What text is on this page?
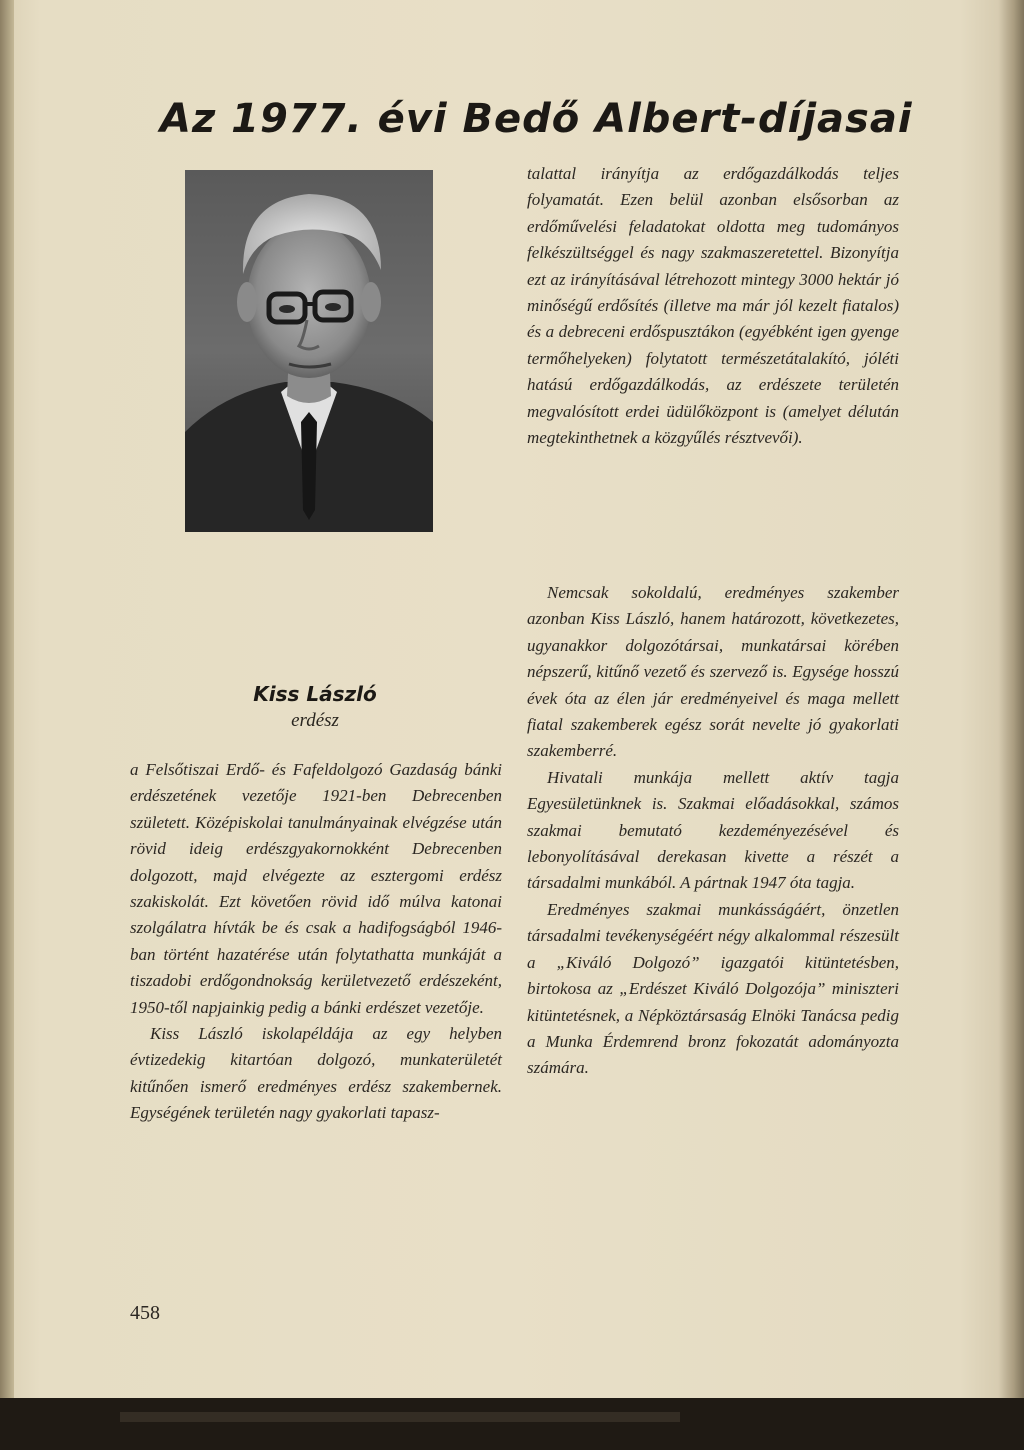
Az 1977. évi Bedő Albert-díjasai
Kiss László
erdész

a Felsőtiszai Erdő- és Fafeldolgozó Gazdaság bánki erdészetének vezetője 1921-ben Debrecenben született. Középiskolai tanulmányainak elvégzése után rövid ideig erdészgyakornokként Debrecenben dolgozott, majd elvégezte az esztergomi erdész szakiskolát. Ezt követően rövid idő múlva katonai szolgálatra hívták be és csak a hadifogságból 1946-ban történt hazatérése után folytathatta munkáját a tiszadobi erdőgondnokság kerületvezető erdészeként, 1950-től napjainkig pedig a bánki erdészet vezetője.

Kiss László iskolapéldája az egy helyben évtizedekig kitartóan dolgozó, munkaterületét kitűnően ismerő eredményes erdész szakembernek. Egységének területén nagy gyakorlati tapasz-

talattal irányítja az erdőgazdálkodás teljes folyamatát. Ezen belül azonban elsősorban az erdőművelési feladatokat oldotta meg tudományos felkészültséggel és nagy szakmaszeretettel. Bizonyítja ezt az irányításával létrehozott mintegy 3000 hektár jó minőségű erdősítés (illetve ma már jól kezelt fiatalos) és a debreceni erdőspusztákon (egyébként igen gyenge termőhelyeken) folytatott természetátalakító, jóléti hatású erdőgazdálkodás, az erdészete területén megvalósított erdei üdülőközpont is (amelyet délután megtekinthetnek a közgyűlés résztvevői).

Nemcsak sokoldalú, eredményes szakember azonban Kiss László, hanem határozott, következetes, ugyanakkor dolgozótársai, munkatársai körében népszerű, kitűnő vezető és szervező is. Egysége hosszú évek óta az élen jár eredményeivel és maga mellett fiatal szakemberek egész sorát nevelte jó gyakorlati szakemberré.

Hivatali munkája mellett aktív tagja Egyesületünknek is. Szakmai előadásokkal, számos szakmai bemutató kezdeményezésével és lebonyolításával derekasan kivette a részét a társadalmi munkából. A pártnak 1947 óta tagja.

Eredményes szakmai munkásságáért, önzetlen társadalmi tevékenységéért négy alkalommal részesült a „Kiváló Dolgozó” igazgatói kitüntetésben, birtokosa az „Erdészet Kiváló Dolgozója” miniszteri kitüntetésnek, a Népköztársaság Elnöki Tanácsa pedig a Munka Érdemrend bronz fokozatát adományozta számára.

458
